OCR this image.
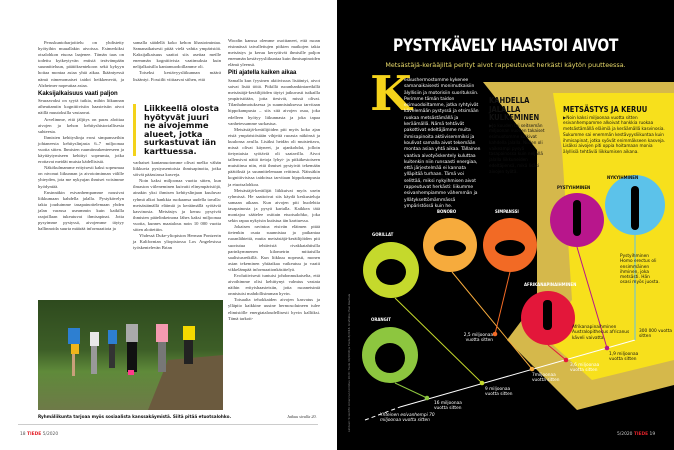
Peruskuntoharjoittelu on yhdistetty hyötyihin muuallakin aivoissa. Esimerkiksi otsalohkon etuosa laajenee. Tämän taas on todettu kytkeytyvän entistä terävämpään suunnitteluun, päätöksentekoon sekä kykyyn hoitaa montaa asiaa yhtä aikaa. Ikääntyessä nämä nimenomaiset taidot heikkenevät, ja Alzheimer nopeuttaa asiaa.

Kaksijalkaisuus vaati paljon

Seuraavaksi on syytä tutkia, mihin liikunnan aiheuttamiin kognitiivisiin haasteisiin aivot näillä muutoksilla vastaavat.

Arvelimme, että jäljitys on paras aloittaa aivojen ja kehon kehityshistoriallisesta suhteesta.

Ihmisten kehityslinja erosi simpansseihin johtaneesta kehityslinjasta 6–7 miljoonaa vuotta sitten. Ihmisten ruumiinrakenteeseen ja käyttäytymiseen kehittyi sopeumia, jotka erottavat meidät muista kädellisistä.

Näkökulmamme erityisesti kaksi sopeumaa on nivonut liikunnan ja aivotoiminnan välille yhteyden, jota me nykyajan ihmiset voisimme hyödyntää.

Ensinnäkin esivanhempamme nousivat liikkumaan kahdella jalalla. Pystykävelyn takia jouduimme tasapainottelemaan yhden jalan varassa useammin kuin kaikilla raajoillaan tukeutuvat ihmisapinat. Jotta pysyimme pystyssä, aivojemme täytyy hallinnoida suurta määrää informaatiota ja

samalla säädellä koko kehon lihastoimintaa. Samanaikaisesti pitää vielä vahtia ympäristöä. Kaksijalkaisuus saattoi siis asettaa meille enemmän kognitiivisia vaatimuksia kuin nelijalkaisilla kantamuodoillamme oli.

Toiseksi kestävyysliikunnan määrä lisääntyi. Fossiilit viittaavat siihen, että

Liikkeellä olosta hyötyvät juuri ne aivojemme alueet, jotka surkastuvat iän karttuessa.

varhaiset kantamuotomme olivat melko vähän liikkuvia pystyasentoisia ihmisapinoita, jotka söivät pääasiassa kasveja.

Noin kaksi miljoonaa vuotta sitten, kun ilmaston viileneminen kuivatti elinympäristöjä, ainakin yksi ihmisen kehityslinjaan kuuluvar ryhmä alkoi hankkia ruokaansa uudella tavalla: metsästämällä eläimiä ja keräämällä syötäviä kasvinosia. Metsästys ja keruu pysyivät ihmisten pääelinkeinona lähes kaksi miljoonaa vuotta, kunnes maatalous noin 10 000 vuotta sitten aloitettiin.

Yhdessä Duke-yliopiston Herman Pontzerin ja Kalifornian yliopistossa Los Angelesissa työskentelevän Brian

Woodin kanssa olemme osoittaneet, että ruoan etsinnässä taivallettujen pitkien matkojen takia metsästys ja keruu kerryttivät ihmisille paljon enemmän kestävyysliikuntaa kuin ihmisapinoiden elämä yleensä.

Piti ajatella kaiken aikaa

Samalla kun fyysinen aktiivisuus lisääntyi, aivot saivat lisää töitä. Pitkillä ruoanhankintaretkillä metsästäjä-keräilijöiden täytyi jatkuvasti tutkailla ympäristöään, jotta tiesivät, missä olivat. Tilanhahmotuksessa ja suunnistuksessa tarvitaan hippokampusta – siis sitä aivojen osaa, joka edelleen hyötyy liikunnasta ja joka tapaa vanhetessamme surkastua.

Metsästäjä-keräilijöiden piti myös koko ajan etsiä ympäristöstään vihjeitä ruoasta näkönsä ja kuulonsa avulla. Lisäksi heidän oli muistettava, missä olivat käyneet, ja ajankohdat, jolloin tietyntaisia syötäviä oli saatavilla. Aivot tallensivat näitä tietoja lyhyt- ja pitkäkestoiseen muistiinsa niin, että ihmiset pystyivät tekemään päätöksiä ja suunnittelemaan reittinsä. Näissäkin kognitiivisissa taidoissa tarvitaan hippokampusta ja etuotsalohkoa.

Metsästäjä-keräilijät liikkuivat myös usein ryhmissä. He saattoivat siis käydä keskusteluja samaan aikaan. Kun aivojen piti huolehtia tasapainosta ja pysyä kartalla. Kaikkea tätä moniajoa säätelee osittain etuotsalohko, joka sekin rapaa nykyisin kutistua iän karttuessa.

Jokaisen ravintoa etsivän eläimen pitää tietenkin osata suunnistaa ja paikantaa ruoanlähteitä, mutta metsästäjä-keräilijöiden piti suoriutua tehtävistä rivakkatahtisilla parinkymmenen kilometrin mittaisilla saalistusretkillä. Kun liikkuu nopeasti, monen asian tekeminen yhtäaikaa vaikeutuu ja vaatii vikkelämpää informaationkäsittelyä.

Evolutiivisesti tuntuisi johdonmukaiselta, että aivoihimme olisi kehittynyt valmius vastata näihin erityishaasteisiin, jotta ruoanetsintä onnistuisi mahdollisimman hyvin.

Toisaalta tehokkaiden aivojen kasvatus ja ylläpito kaikkine uusine hermosoluineen tulee elimistölle energiataloudellisesti hyvin kalliiksi. Tämä tarkoit-

Ryhmäliikunta tarjoaa myös sosiaalista kanssakäymistä. Siitä pitää etuotsalohko.	Jatkuu sivulla 20.
18 TIEDE 5/2020
PYSTYKÄVELY HAASTOI AIVOT
Metsästäjä-kerääjiltä perityt aivot rappeutuvat herkästi käytön puutteessa.
K
eskushermostomme kykenee samanaikaisesti monimutkaisiin älyllisiin ja motorisiin suorituksiin. Perimme tämän taidon esimuodoiltamme, jotka ryhtyivät kävelemään pystyssä ja etsimään ruokaa metsästämällä ja keräämällä. Nämä tehtävät pakottivat edeltäjämme muita ihmisapinoita aktiivisemmiksi ja koulivat samalla aivot tekemään montaa asiaa yhtä aikaa. Tällainen vaativa aivotyöskentely kuluttaa kuitenkin niin runsaasti energiaa, että järjestelmää ei kannata ylläpitää turhaan. Tämä voi selittää, miksi nykyihmisen aivot rappeutuvat herkästi: liikumme esivanhempiamme vähemmän ja yllätyksettömämmässä ympäristössä kuin he.
KAHDELLA JALALLA KULKEMINEN

▶Jo kuuden tai seitsemän miljoonan vuoden takaiset esimuotomme kulkivat kahdella jalalla. Niiden oli vaikeampi pysyä tasapainossa kuin neljällä jalalla liikkuneiden edeltäjiensä, mikä lisäsi aivojen työtä.

METSÄSTYS JA KERUU

▶Noin kaksi miljoonaa vuotta sitten esivanhempamme alkoivat hankkia ruokaa metsästämällä eläimiä ja keräämällä kasvinosia. Sukumme sai enemmän kestävyysliikuntaa kuin ihmisapinat, jotka syövät enimmäkseen kasveja. Lisäksi aivojen piti oppia hoitamaan monia älyllisiä tehtäviä liikkumisen aikana.

GORILLAT
ORANGIT
BONOBO	SIMPANSSI
AFRIKANAPINAIHMINEN
PYSTYIHMINEN
NYKYIHMINEN
Yhteinen esivanhempi 70 miljoonaa vuotta sitten
16 miljoonaa vuotta sitten
9 miljoonaa vuotta sitten
2,5 miljoonaa vuotta sitten
7miljoonaa vuotta sitten
3,6 miljoonaa vuotta sitten
1,9 miljoonaa vuotta sitten
300 000 vuotta sitten
Afrikanapinaihminen Australopithecus africanus käveli vaivatta.
Pystyihminen Homo erectus oli ensimmäinen ihminen, joka metsästi. Hän osasi myös juosta.
Lähteet: Scientific American toimitus 2020; Tiede 10/2018 ja Tiede 8/2018. Grafiikka: Pasi Rautiala
5/2020 TIEDE 19
